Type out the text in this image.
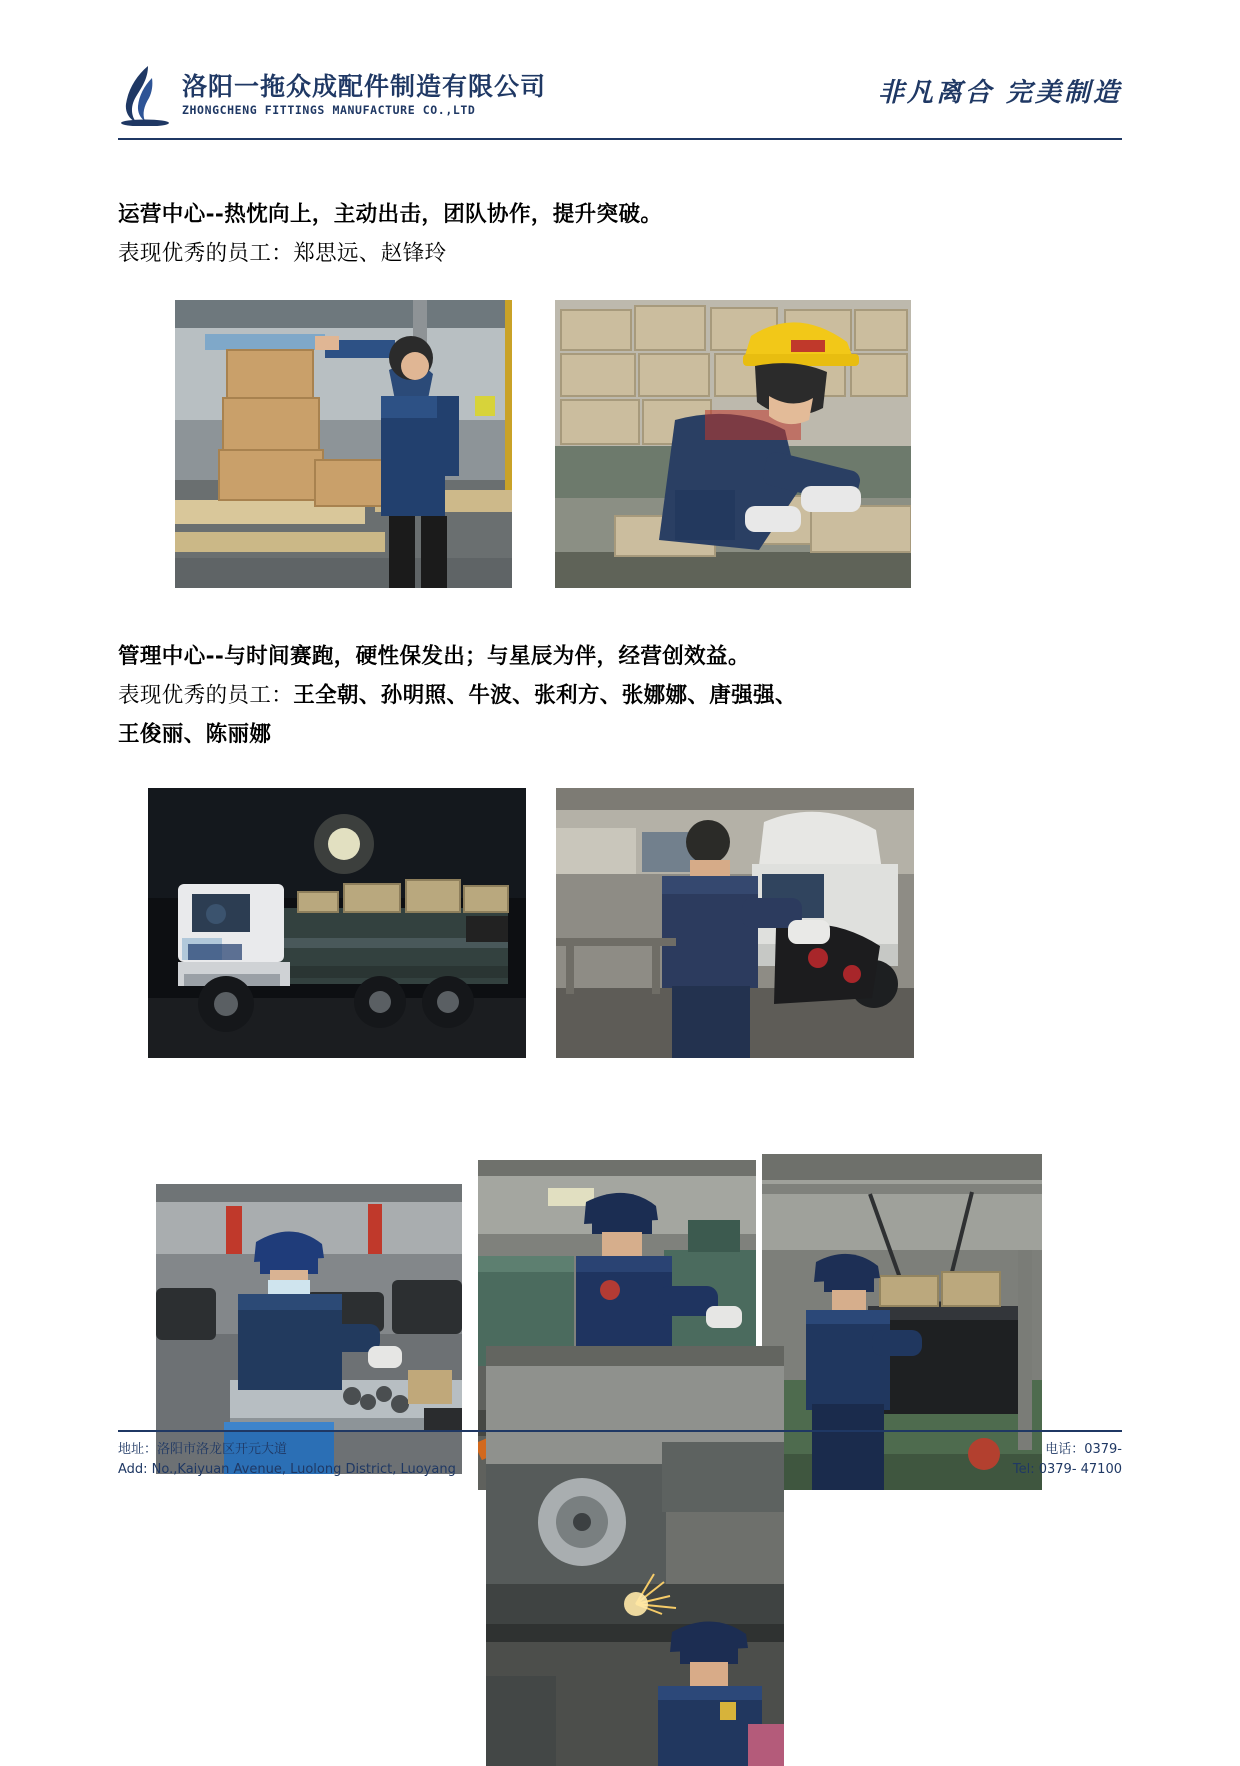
洛阳一拖众成配件制造有限公司
ZHONGCHENG FITTINGS MANUFACTURE CO.,LTD
非凡离合 完美制造
运营中心--热忱向上，主动出击，团队协作，提升突破。
表现优秀的员工：郑思远、赵锋玲
管理中心--与时间赛跑，硬性保发出；与星辰为伴，经营创效益。
表现优秀的员工：王全朝、孙明照、牛波、张利方、张娜娜、唐强强、
王俊丽、陈丽娜
地址：洛阳市洛龙区开元大道
Add: No.,Kaiyuan Avenue, Luolong District, Luoyang
电话：0379-
Tel: 0379- 47100
